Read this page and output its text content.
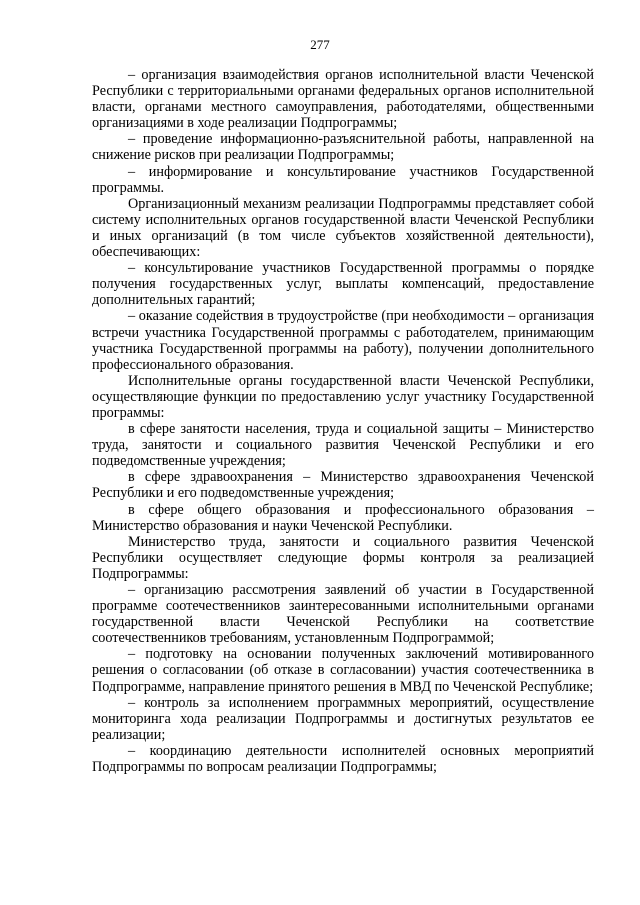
277

– организация взаимодействия органов исполнительной власти Чеченской Республики с территориальными органами федеральных органов исполнительной власти, органами местного самоуправления, работодателями, общественными организациями в ходе реализации Подпрограммы;

– проведение информационно-разъяснительной работы, направленной на снижение рисков при реализации Подпрограммы;

– информирование и консультирование участников Государственной программы.

Организационный механизм реализации Подпрограммы представляет собой систему исполнительных органов государственной власти Чеченской Республики и иных организаций (в том числе субъектов хозяйственной деятельности), обеспечивающих:

– консультирование участников Государственной программы о порядке получения государственных услуг, выплаты компенсаций, предоставление дополнительных гарантий;

– оказание содействия в трудоустройстве (при необходимости – организация встречи участника Государственной программы с работодателем, принимающим участника Государственной программы на работу), получении дополнительного профессионального образования.

Исполнительные органы государственной власти Чеченской Республики, осуществляющие функции по предоставлению услуг участнику Государственной программы:

в сфере занятости населения, труда и социальной защиты – Министерство труда, занятости и социального развития Чеченской Республики и его подведомственные учреждения;

в сфере здравоохранения – Министерство здравоохранения Чеченской Республики и его подведомственные учреждения;

в сфере общего образования и профессионального образования – Министерство образования и науки Чеченской Республики.

Министерство труда, занятости и социального развития Чеченской Республики осуществляет следующие формы контроля за реализацией Подпрограммы:

– организацию рассмотрения заявлений об участии в Государственной программе соотечественников заинтересованными исполнительными органами государственной власти Чеченской Республики на соответствие соотечественников требованиям, установленным Подпрограммой;

– подготовку на основании полученных заключений мотивированного решения о согласовании (об отказе в согласовании) участия соотечественника в Подпрограмме, направление принятого решения в МВД по Чеченской Республике;

– контроль за исполнением программных мероприятий, осуществление мониторинга хода реализации Подпрограммы и достигнутых результатов ее реализации;

– координацию деятельности исполнителей основных мероприятий Подпрограммы по вопросам реализации Подпрограммы;
